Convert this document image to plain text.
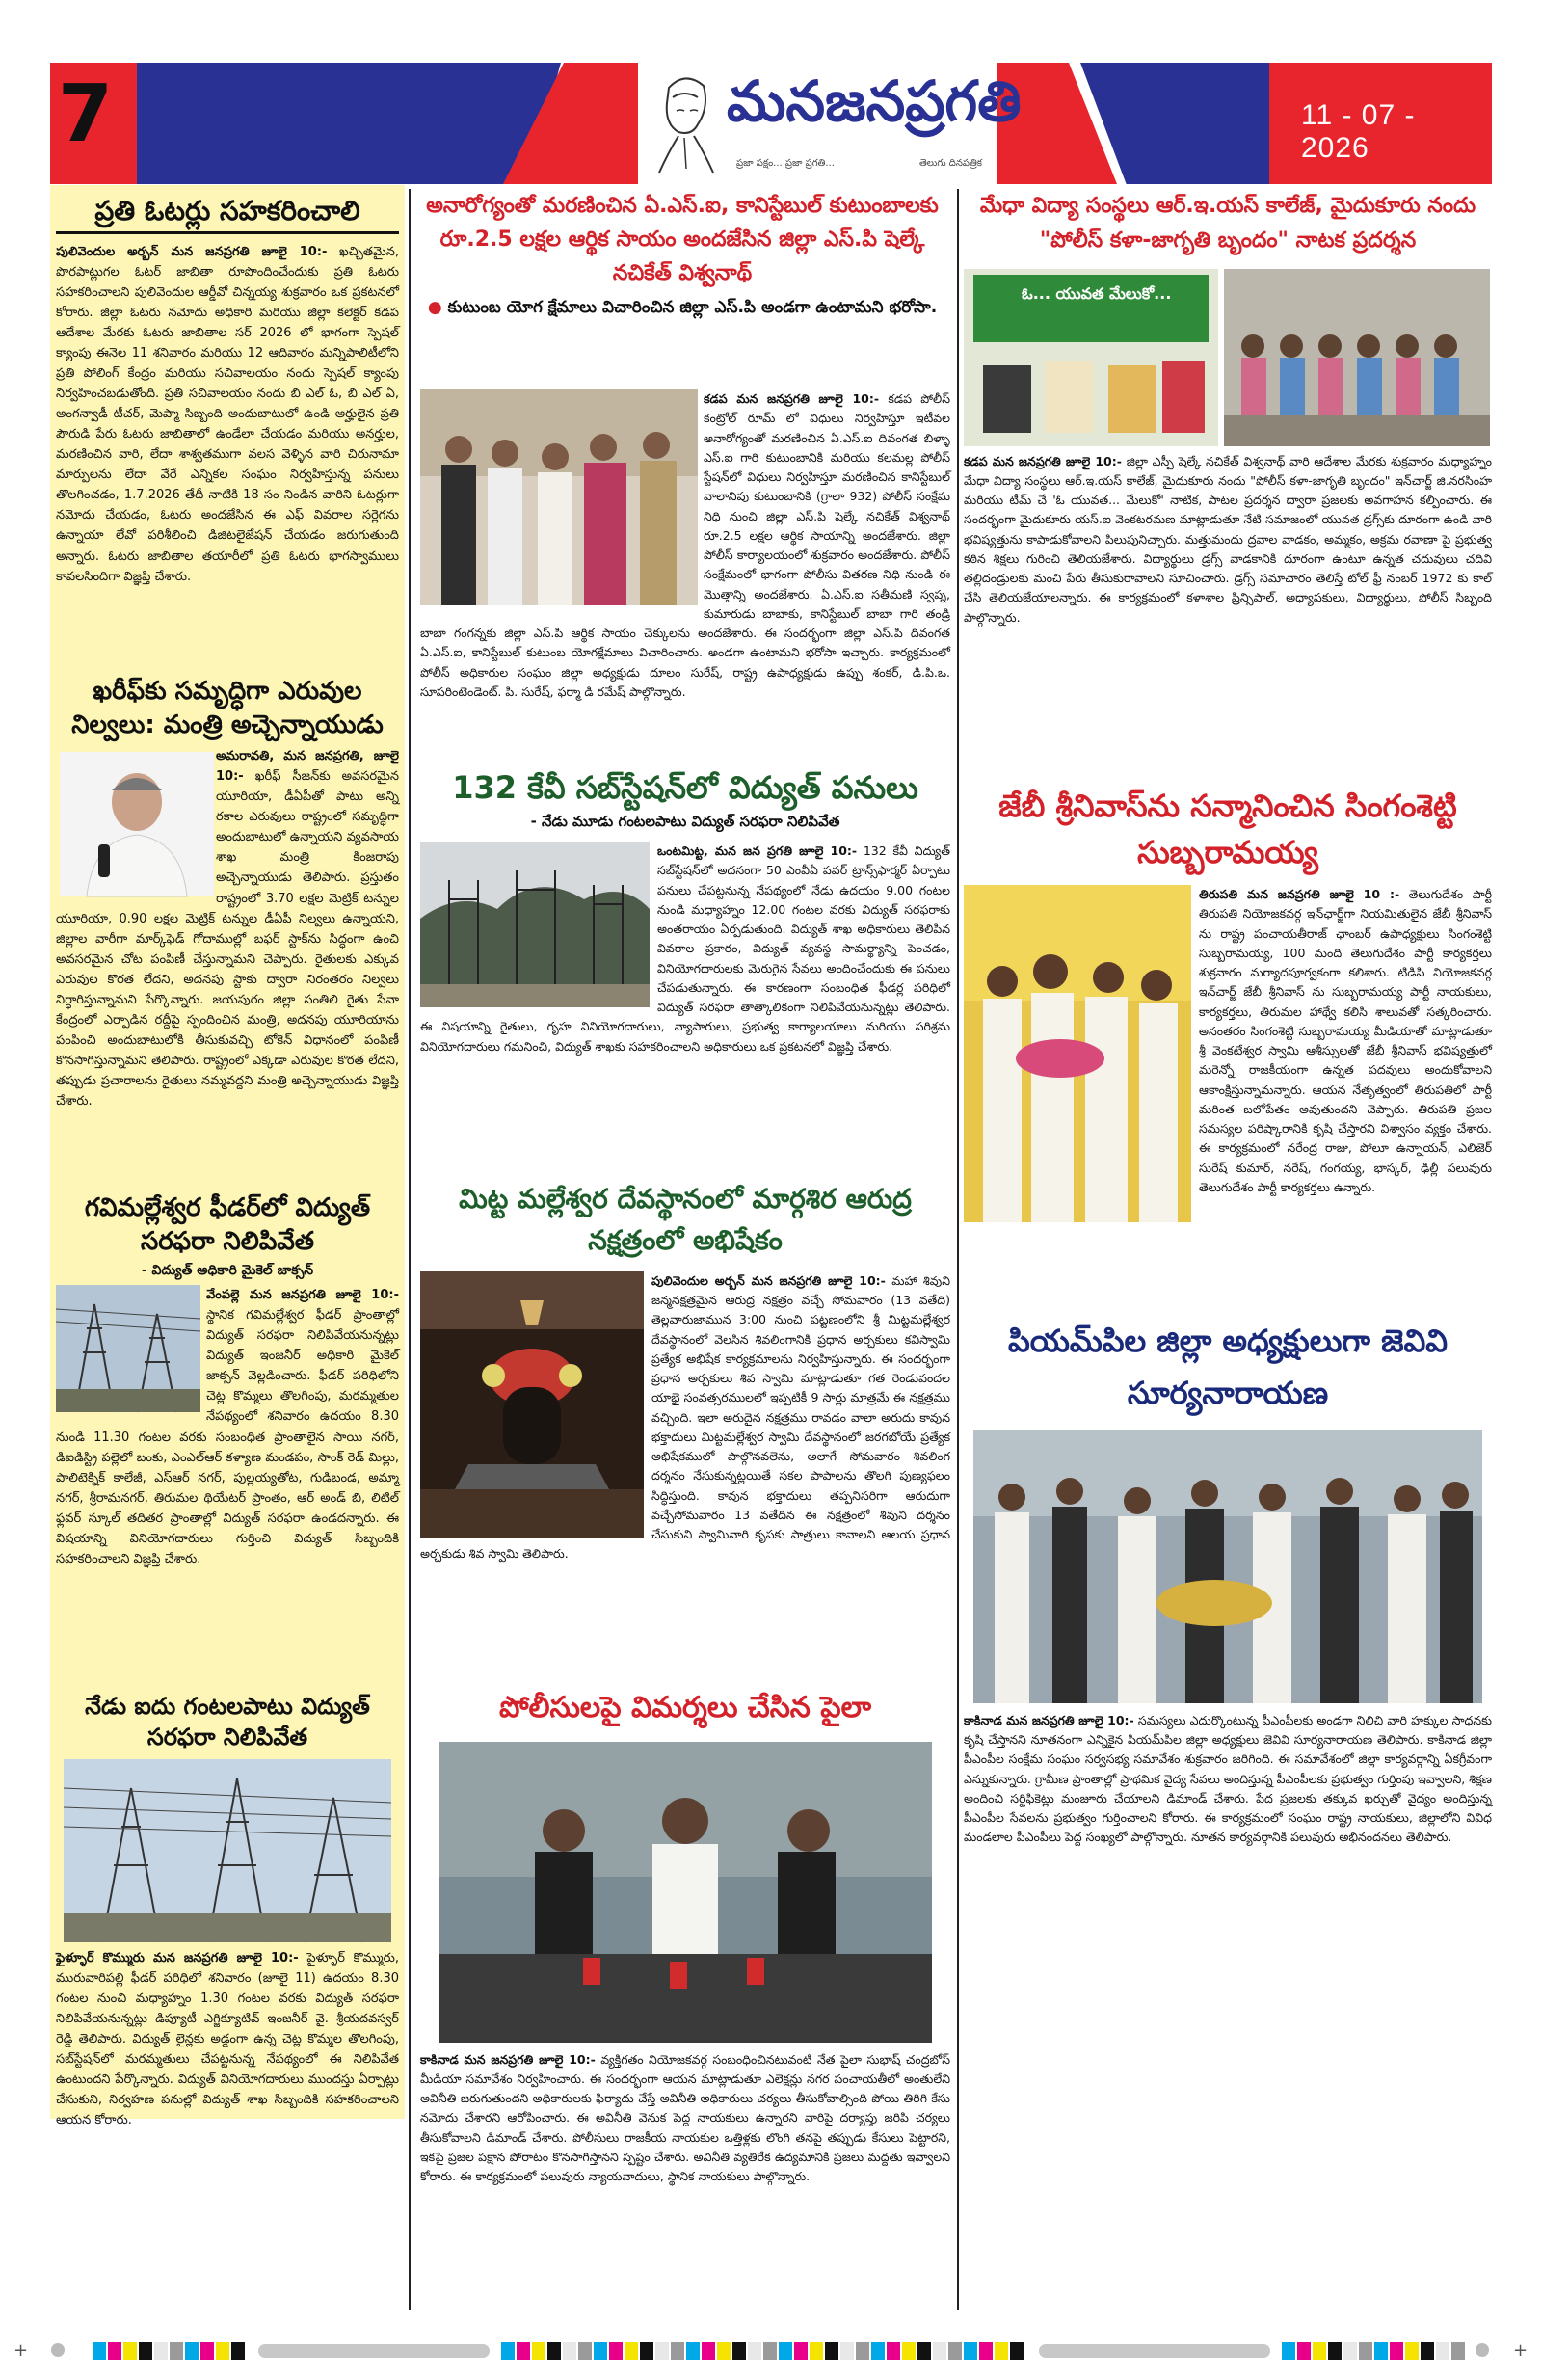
7	మనజనప్రగతి
ప్రజా పక్షం... ప్రజా ప్రగతి...	తెలుగు దినపత్రిక
11 - 07 - 2026
ప్రతి ఓటర్లు సహకరించాలి
పులివెందుల అర్బన్ మన జనప్రగతి జూలై 10:- ఖచ్చితమైన, పొరపాట్లుగల ఓటర్ జాబితా రూపొందించేందుకు ప్రతి ఓటరు సహకరించాలని పులివెందుల ఆర్డీవో చిన్నయ్య శుక్రవారం ఒక ప్రకటనలో కోరారు. జిల్లా ఓటరు నమోదు అధికారి మరియు జిల్లా కలెక్టర్ కడప ఆదేశాల మేరకు ఓటరు జాబితాల సర్ 2026 లో భాగంగా స్పెషల్ క్యాంపు ఈనెల 11 శనివారం మరియు 12 ఆదివారం మన్నిపాలిటీలోని ప్రతి పోలింగ్ కేంద్రం మరియు సచివాలయం నందు స్పెషల్ క్యాంపు నిర్వహించబడుతోంది. ప్రతి సచివాలయం నందు బి ఎల్ ఓ, బి ఎల్ ఏ, అంగన్వాడీ టీచర్, మెప్మా సిబ్బంది అందుబాటులో ఉండి అర్హులైన ప్రతి పౌరుడి పేరు ఓటరు జాబితాలో ఉండేలా చేయడం మరియు అనర్హుల, మరణించిన వారి, లేదా శాశ్వతముగా వలస వెళ్ళిన వారి చిరునామా మార్పులను లేదా వేరే ఎన్నికల సంఘం నిర్వహిస్తున్న పనులు తొలగించడం, 1.7.2026 తేదీ నాటికి 18 సం నిండిన వారిని ఓటర్లుగా నమోదు చేయడం, ఓటరు అందజేసిన ఈ ఎఫ్ వివరాల సర్లెగను ఉన్నాయా లేవో పరిశీలించి డిజిటలైజేషన్ చేయడం జరుగుతుంది అన్నారు. ఓటరు జాబితాల తయారీలో ప్రతి ఓటరు భాగస్వాములు కావలసిందిగా విజ్ఞప్తి చేశారు.
ఖరీఫ్‌కు సమృద్ధిగా ఎరువుల నిల్వలు: మంత్రి అచ్చెన్నాయుడు
అమరావతి, మన జనప్రగతి, జూలై 10:- ఖరీఫ్ సీజన్‌కు అవసరమైన యూరియా, డీఏపీతో పాటు అన్ని రకాల ఎరువులు రాష్ట్రంలో సమృద్ధిగా అందుబాటులో ఉన్నాయని వ్యవసాయ శాఖ మంత్రి కింజరాపు అచ్చెన్నాయుడు తెలిపారు. ప్రస్తుతం రాష్ట్రంలో 3.70 లక్షల మెట్రిక్ టన్నుల యూరియా, 0.90 లక్షల మెట్రిక్ టన్నుల డీఏపీ నిల్వలు ఉన్నాయని, జిల్లాల వారీగా మార్క్‌ఫెడ్ గోదాముల్లో బఫర్ స్టాక్‌ను సిద్ధంగా ఉంచి అవసరమైన చోట పంపిణీ చేస్తున్నామని చెప్పారు. రైతులకు ఎక్కువ ఎరువుల కొరత లేదని, అదనపు స్టాకు ద్వారా నిరంతరం నిల్వలు నిర్ధారిస్తున్నామని పేర్కొన్నారు. జయపురం జిల్లా సంతిలి రైతు సేవా కేంద్రంలో ఎర్పాడిన రద్దీపై స్పందించిన మంత్రి, అదనపు యూరియాను పంపించి అందుబాటులోకి తీసుకువచ్చి టోకెన్ విధానంలో పంపిణీ కొనసాగిస్తున్నామని తెలిపారు. రాష్ట్రంలో ఎక్కడా ఎరువుల కొరత లేదని, తప్పుడు ప్రచారాలను రైతులు నమ్మవద్దని మంత్రి అచ్చెన్నాయుడు విజ్ఞప్తి చేశారు.
గవిమల్లేశ్వర ఫీడర్‌లో విద్యుత్ సరఫరా నిలిపివేత
- విద్యుత్ అధికారి మైకెల్ జాక్సన్
వేంపల్లె మన జనప్రగతి జూలై 10:- స్థానిక గవిమల్లేశ్వర ఫీడర్ ప్రాంతాల్లో విద్యుత్ సరఫరా నిలిపివేయనున్నట్లు విద్యుత్ ఇంజనీర్ అధికారి మైకెల్ జాక్సన్ వెల్లడించారు. ఫీడర్ పరిధిలోని చెట్ల కొమ్మలు తొలగింపు, మరమ్మతుల నేపథ్యంలో శనివారం ఉదయం 8.30 నుండి 11.30 గంటల వరకు సంబంధిత ప్రాంతాలైన సాయి నగర్, డిఐడిస్ట్రి పల్లెలో బంకు, ఎంఎల్‌ఆర్ కళ్యాణ మండపం, సాంక్ రెడ్ మిల్లు, పాలిటెక్నిక్ కాలేజీ, ఎస్‌ఆర్ నగర్, పుల్లయ్యతోట, గుడిబండ, అమ్మా నగర్, శ్రీరామనగర్, తిరుమల థియేటర్ ప్రాంతం, ఆర్ అండ్ బి, లిటిల్ ఫ్లవర్ స్కూల్ తదితర ప్రాంతాల్లో విద్యుత్ సరఫరా ఉండదన్నారు. ఈ విషయాన్ని వినియోగదారులు గుర్తించి విద్యుత్ సిబ్బందికి సహకరించాలని విజ్ఞప్తి చేశారు.
నేడు ఐదు గంటలపాటు విద్యుత్ సరఫరా నిలిపివేత
ఫైళ్ళూర్ కొమ్మురు మన జనప్రగతి జూలై 10:- పైళ్ళూర్ కొమ్మురు, మురువారిపల్లి ఫీడర్ పరిధిలో శనివారం (జూలై 11) ఉదయం 8.30 గంటల నుంచి మధ్యాహ్నం 1.30 గంటల వరకు విద్యుత్ సరఫరా నిలిపివేయనున్నట్లు డిప్యూటీ ఎగ్జిక్యూటివ్ ఇంజనీర్ వై. శ్రీయదవస్వర్ రెడ్డి తెలిపారు. విద్యుత్ లైన్లకు అడ్డంగా ఉన్న చెట్ల కొమ్మల తొలగింపు, సబ్‌స్టేషన్‌లో మరమ్మతులు చేపట్టనున్న నేపథ్యంలో ఈ నిలిపివేత ఉంటుందని పేర్కొన్నారు. విద్యుత్ వినియోగదారులు ముందస్తు ఏర్పాట్లు చేసుకుని, నిర్వహణ పనుల్లో విద్యుత్ శాఖ సిబ్బందికి సహకరించాలని ఆయన కోరారు.
అనారోగ్యంతో మరణించిన ఏ.ఎస్.ఐ, కానిస్టేబుల్ కుటుంబాలకు రూ.2.5 లక్షల ఆర్థిక సాయం అందజేసిన జిల్లా ఎస్.పి షెల్కే నచికేత్ విశ్వనాథ్
● కుటుంబ యోగ క్షేమాలు విచారించిన జిల్లా ఎస్.పి అండగా ఉంటామని భరోసా.
కడప మన జనప్రగతి జూలై 10:- కడప పోలీస్ కంట్రోల్ రూమ్ లో విధులు నిర్వహిస్తూ ఇటీవల అనారోగ్యంతో మరణించిన ఏ.ఎస్.ఐ దివంగత బిళ్ళా ఎస్.ఐ గారి కుటుంబానికి మరియు కలమల్ల పోలీస్ స్టేషన్‌లో విధులు నిర్వహిస్తూ మరణించిన కానిస్టేబుల్ వాలానిపు కుటుంబానికి (గ్రాలా 932) పోలీస్ సంక్షేమ నిధి నుంచి జిల్లా ఎస్.పి షెల్కే నచికేత్ విశ్వనాథ్ రూ.2.5 లక్షల ఆర్థిక సాయాన్ని అందజేశారు. జిల్లా పోలీస్ కార్యాలయంలో శుక్రవారం అందజేశారు. పోలీస్ సంక్షేమంలో భాగంగా పోలీసు వితరణ నిధి నుండి ఈ మొత్తాన్ని అందజేశారు. ఏ.ఎస్.ఐ సతీమణి స్వప్న, కుమారుడు బాబాకు, కానిస్టేబుల్ బాబా గారి తండ్రి బాబా గంగన్నకు జిల్లా ఎస్.పి ఆర్థిక సాయం చెక్కులను అందజేశారు. ఈ సందర్భంగా జిల్లా ఎస్.పి దివంగత ఏ.ఎస్.ఐ, కానిస్టేబుల్ కుటుంబ యోగక్షేమాలు విచారించారు. అండగా ఉంటామని భరోసా ఇచ్చారు. కార్యక్రమంలో పోలీస్ అధికారుల సంఘం జిల్లా అధ్యక్షుడు దూలం సురేష్, రాష్ట్ర ఉపాధ్యక్షుడు ఉప్పు శంకర్, డి.పి.ఒ. సూపరింటెండెంట్. పి. సురేష్, ఫర్మా డి రమేష్ పాల్గొన్నారు.
132 కేవీ సబ్‌స్టేషన్‌లో విద్యుత్ పనులు
- నేడు మూడు గంటలపాటు విద్యుత్ సరఫరా నిలిపివేత
ఒంటమిట్ట, మన జన ప్రగతి జూలై 10:- 132 కేవీ విద్యుత్ సబ్‌స్టేషన్‌లో అదనంగా 50 ఎంవీఏ పవర్ ట్రాన్స్‌ఫార్మర్ ఏర్పాటు పనులు చేపట్టనున్న నేపథ్యంలో నేడు ఉదయం 9.00 గంటల నుండి మధ్యాహ్నం 12.00 గంటల వరకు విద్యుత్ సరఫరాకు అంతరాయం ఏర్పడుతుంది. విద్యుత్ శాఖ అధికారులు తెలిపిన వివరాల ప్రకారం, విద్యుత్ వ్యవస్థ సామర్థ్యాన్ని పెంచడం, వినియోగదారులకు మెరుగైన సేవలు అందించేందుకు ఈ పనులు చేపడుతున్నారు. ఈ కారణంగా సంబంధిత ఫీడర్ల పరిధిలో విద్యుత్ సరఫరా తాత్కాలికంగా నిలిపివేయనున్నట్లు తెలిపారు. ఈ విషయాన్ని రైతులు, గృహ వినియోగదారులు, వ్యాపారులు, ప్రభుత్వ కార్యాలయాలు మరియు పరిశ్రమ వినియోగదారులు గమనించి, విద్యుత్ శాఖకు సహకరించాలని అధికారులు ఒక ప్రకటనలో విజ్ఞప్తి చేశారు.
మిట్ట మల్లేశ్వర దేవస్థానంలో మార్గశిర ఆరుద్ర నక్షత్రంలో అభిషేకం
పులివెందుల అర్బన్ మన జనప్రగతి జూలై 10:- మహా శివుని జన్మనక్షత్రమైన ఆరుద్ర నక్షత్రం వచ్చే సోమవారం (13 వతేది) తెల్లవారుజామున 3:00 నుంచి పట్టణంలోని శ్రీ మిట్టమల్లేశ్వర దేవస్థానంలో వెలసిన శివలింగానికి ప్రధాన అర్చకులు కవిస్వామి ప్రత్యేక అభిషేక కార్యక్రమాలను నిర్వహిస్తున్నారు. ఈ సందర్భంగా ప్రధాన అర్చకులు శివ స్వామి మాట్లాడుతూ గత రెండువందల యాభై సంవత్సరములలో ఇప్పటికీ 9 సార్లు మాత్రమే ఈ నక్షత్రము వచ్చింది. ఇలా అరుదైన నక్షత్రము రావడం వాలా అరుదు కావున భక్తాదులు మిట్టమల్లేశ్వర స్వామి దేవస్థానంలో జరగబోయే ప్రత్యేక అభిషేకములో పాల్గొనవలెను, అలాగే సోమవారం శివలింగ దర్శనం నేసుకున్నట్లయితే సకల పాపాలను తొలగి పుణ్యఫలం సిద్ధిస్తుంది. కావున భక్తాదులు తప్పనిసరిగా ఆరుదుగా వచ్చేసోమవారం 13 వతేదిన ఈ నక్షత్రంలో శివుని దర్శనం చేసుకుని స్వామివారి కృపకు పాత్రులు కావాలని ఆలయ ప్రధాన అర్చకుడు శివ స్వామి తెలిపారు.
పోలీసులపై విమర్శలు చేసిన పైలా
కాకినాడ మన జనప్రగతి జూలై 10:- వ్యక్తిగతం నియోజకవర్గ సంబంధించినటువంటి నేత పైలా సుభాష్ చంద్రబోస్ మీడియా సమావేశం నిర్వహించారు. ఈ సందర్భంగా ఆయన మాట్లాడుతూ ఎలెక్షన్లు నగర పంచాయతీలో అంతులేని అవినీతి జరుగుతుందని అధికారులకు ఫిర్యాదు చేస్తే అవినీతి అధికారులు చర్యలు తీసుకోవాల్సింది పోయి తిరిగి కేసు నమోదు చేశారని ఆరోపించారు. ఈ అవినీతి వెనుక పెద్ద నాయకులు ఉన్నారని వారిపై దర్యాప్తు జరిపి చర్యలు తీసుకోవాలని డిమాండ్ చేశారు. పోలీసులు రాజకీయ నాయకుల ఒత్తిళ్లకు లొంగి తనపై తప్పుడు కేసులు పెట్టారని, ఇకపై ప్రజల పక్షాన పోరాటం కొనసాగిస్తానని స్పష్టం చేశారు. అవినీతి వ్యతిరేక ఉద్యమానికి ప్రజలు మద్దతు ఇవ్వాలని కోరారు. ఈ కార్యక్రమంలో పలువురు న్యాయవాదులు, స్థానిక నాయకులు పాల్గొన్నారు.
మేధా విద్యా సంస్థలు ఆర్.ఇ.యస్ కాలేజ్, మైదుకూరు నందు "పోలీస్ కళా-జాగృతి బృందం" నాటక ప్రదర్శన
ఓ... యువత మేలుకో...
కడప మన జనప్రగతి జూలై 10:- జిల్లా ఎస్పీ షెల్కే నచికేత్ విశ్వనాథ్ వారి ఆదేశాల మేరకు శుక్రవారం మధ్యాహ్నం మేధా విద్యా సంస్థలు ఆర్.ఇ.యస్ కాలేజ్, మైదుకూరు నందు "పోలీస్ కళా-జాగృతి బృందం" ఇన్‌చార్జ్ జి.నరసింహ మరియు టీమ్ చే 'ఓ యువత... మేలుకో' నాటిక, పాటల ప్రదర్శన ద్వారా ప్రజలకు అవగాహన కల్పించారు. ఈ సందర్భంగా మైదుకూరు యస్.ఐ వెంకటరమణ మాట్లాడుతూ నేటి సమాజంలో యువత డ్రగ్స్‌కు దూరంగా ఉండి వారి భవిష్యత్తును కాపాడుకోవాలని పిలుపునిచ్చారు. మత్తుమందు ద్రవాల వాడకం, అమ్మకం, అక్రమ రవాణా పై ప్రభుత్వ కఠిన శిక్షలు గురించి తెలియజేశారు. విద్యార్థులు డ్రగ్స్ వాడకానికి దూరంగా ఉంటూ ఉన్నత చదువులు చదివి తల్లిదండ్రులకు మంచి పేరు తీసుకురావాలని సూచించారు. డ్రగ్స్ సమాచారం తెలిస్తే టోల్ ఫ్రీ నంబర్ 1972 కు కాల్ చేసి తెలియజేయాలన్నారు. ఈ కార్యక్రమంలో కళాశాల ప్రిన్సిపాల్, అధ్యాపకులు, విద్యార్థులు, పోలీస్ సిబ్బంది పాల్గొన్నారు.
జేబీ శ్రీనివాస్‌ను సన్మానించిన సింగంశెట్టి సుబ్బరామయ్య
తిరుపతి మన జనప్రగతి జూలై 10 :- తెలుగుదేశం పార్టీ తిరుపతి నియోజకవర్గ ఇన్‌ఛార్జ్‌గా నియమితులైన జేబీ శ్రీనివాస్ ను రాష్ట్ర పంచాయతీరాజ్ ఛాంబర్ ఉపాధ్యక్షులు సింగంశెట్టి సుబ్బరామయ్య, 100 మంది తెలుగుదేశం పార్టీ కార్యకర్తలు శుక్రవారం మర్యాదపూర్వకంగా కలిశారు. టిడిపి నియోజకవర్గ ఇన్‌చార్జ్ జేబీ శ్రీనివాస్ ను సుబ్బరామయ్య పార్టీ నాయకులు, కార్యకర్తలు, తిరుమల హాథ్వే కలిసి శాలువతో సత్కరించారు. అనంతరం సింగంశెట్టి సుబ్బరామయ్య మీడియాతో మాట్లాడుతూ శ్రీ వెంకటేశ్వర స్వామి ఆశీస్సులతో జేబీ శ్రీనివాస్ భవిష్యత్తులో మరెన్నో రాజకీయంగా ఉన్నత పదవులు అందుకోవాలని ఆకాంక్షిస్తున్నామన్నారు. ఆయన నేతృత్వంలో తిరుపతిలో పార్టీ మరింత బలోపేతం అవుతుందని చెప్పారు. తిరుపతి ప్రజల సమస్యల పరిష్కారానికి కృషి చేస్తారని విశ్వాసం వ్యక్తం చేశారు. ఈ కార్యక్రమంలో నరేంద్ర రాజు, పోలూ ఉన్నాయన్, ఎలిజెర్ సురేష్ కుమార్, నరేష్, గంగయ్య, భాస్కర్, ఢిల్లీ పలువురు తెలుగుదేశం పార్టీ కార్యకర్తలు ఉన్నారు.
పియమ్‌పిల జిల్లా అధ్యక్షులుగా జెవివి సూర్యనారాయణ
కాకినాడ మన జనప్రగతి జూలై 10:- సమస్యలు ఎదుర్కొంటున్న పీఎంపీలకు అండగా నిలిచి వారి హక్కుల సాధనకు కృషి చేస్తానని నూతనంగా ఎన్నికైన పియమ్‌పిల జిల్లా అధ్యక్షులు జెవివి సూర్యనారాయణ తెలిపారు. కాకినాడ జిల్లా పీఎంపీల సంక్షేమ సంఘం సర్వసభ్య సమావేశం శుక్రవారం జరిగింది. ఈ సమావేశంలో జిల్లా కార్యవర్గాన్ని ఏకగ్రీవంగా ఎన్నుకున్నారు. గ్రామీణ ప్రాంతాల్లో ప్రాథమిక వైద్య సేవలు అందిస్తున్న పీఎంపీలకు ప్రభుత్వం గుర్తింపు ఇవ్వాలని, శిక్షణ అందించి సర్టిఫికెట్లు మంజూరు చేయాలని డిమాండ్ చేశారు. పేద ప్రజలకు తక్కువ ఖర్చుతో వైద్యం అందిస్తున్న పీఎంపీల సేవలను ప్రభుత్వం గుర్తించాలని కోరారు. ఈ కార్యక్రమంలో సంఘం రాష్ట్ర నాయకులు, జిల్లాలోని వివిధ మండలాల పీఎంపీలు పెద్ద సంఖ్యలో పాల్గొన్నారు. నూతన కార్యవర్గానికి పలువురు అభినందనలు తెలిపారు.
+	+
